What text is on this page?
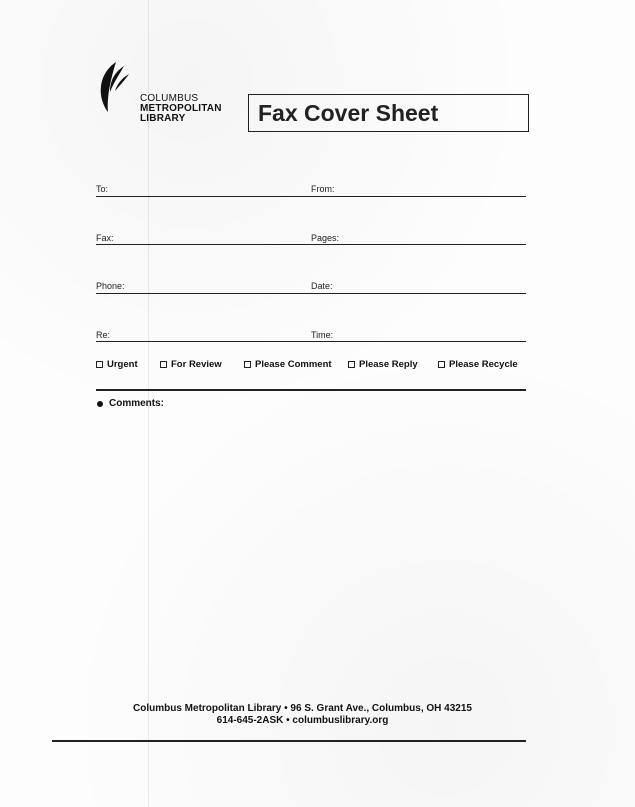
COLUMBUS
METROPOLITAN
LIBRARY	Fax Cover Sheet
To:	From:
Fax:	Pages:
Phone:	Date:
Re:	Time:
Urgent	For Review	Please Comment	Please Reply	Please Recycle
Comments:
Columbus Metropolitan Library • 96 S. Grant Ave., Columbus, OH 43215
614-645-2ASK • columbuslibrary.org
